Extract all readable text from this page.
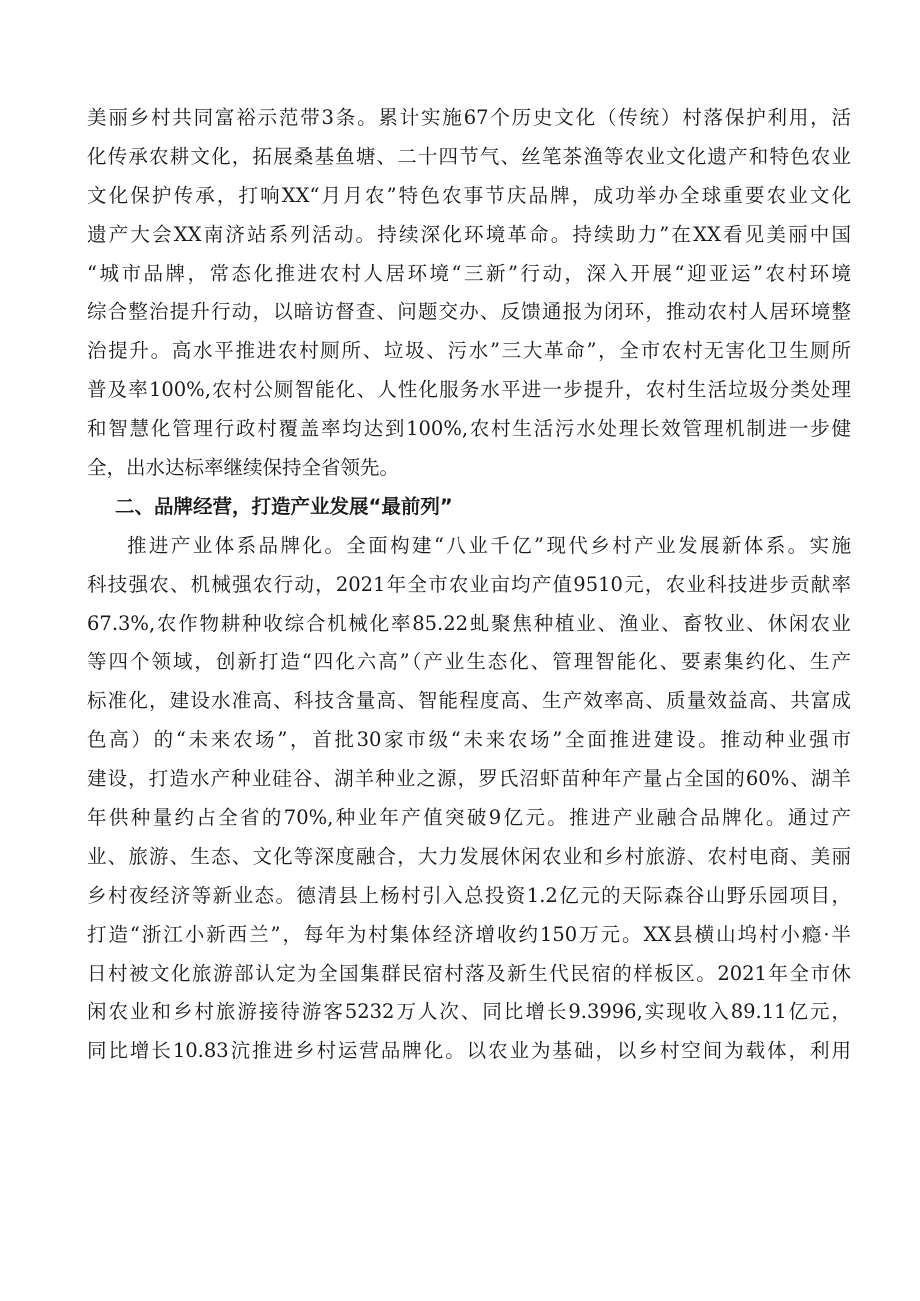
美丽乡村共同富裕示范带3条。累计实施67个历史文化（传统）村落保护利用，活
化传承农耕文化，拓展桑基鱼塘、二十四节气、丝笔茶渔等农业文化遗产和特色农业
文化保护传承，打响XX“月月农”特色农事节庆品牌，成功举办全球重要农业文化
遗产大会XX南济站系列活动。持续深化环境革命。持续助力”在XX看见美丽中国
“城市品牌，常态化推进农村人居环境“三新”行动，深入开展“迎亚运”农村环境
综合整治提升行动，以暗访督查、问题交办、反馈通报为闭环，推动农村人居环境整
治提升。高水平推进农村厕所、垃圾、污水”三大革命”，全市农村无害化卫生厕所
普及率100%,农村公厕智能化、人性化服务水平进一步提升，农村生活垃圾分类处理
和智慧化管理行政村覆盖率均达到100%,农村生活污水处理长效管理机制进一步健
全，出水达标率继续保持全省领先。
二、品牌经营，打造产业发展“最前列”
推进产业体系品牌化。全面构建“八业千亿”现代乡村产业发展新体系。实施
科技强农、机械强农行动，2021年全市农业亩均产值9510元，农业科技进步贡献率
67.3%,农作物耕种收综合机械化率85.22虬聚焦种植业、渔业、畜牧业、休闲农业
等四个领域，创新打造“四化六高”（产业生态化、管理智能化、要素集约化、生产
标准化，建设水准高、科技含量高、智能程度高、生产效率高、质量效益高、共富成
色高）的“未来农场”，首批30家市级“未来农场”全面推进建设。推动种业强市
建设，打造水产种业硅谷、湖羊种业之源，罗氏沼虾苗种年产量占全国的60%、湖羊
年供种量约占全省的70%,种业年产值突破9亿元。推进产业融合品牌化。通过产
业、旅游、生态、文化等深度融合，大力发展休闲农业和乡村旅游、农村电商、美丽
乡村夜经济等新业态。德清县上杨村引入总投资1.2亿元的天际森谷山野乐园项目，
打造“浙江小新西兰”，每年为村集体经济增收约150万元。XX县横山坞村小瘾·半
日村被文化旅游部认定为全国集群民宿村落及新生代民宿的样板区。2021年全市休
闲农业和乡村旅游接待游客5232万人次、同比增长9.3996,实现收入89.11亿元，
同比增长10.83沆推进乡村运营品牌化。以农业为基础，以乡村空间为载体，利用
